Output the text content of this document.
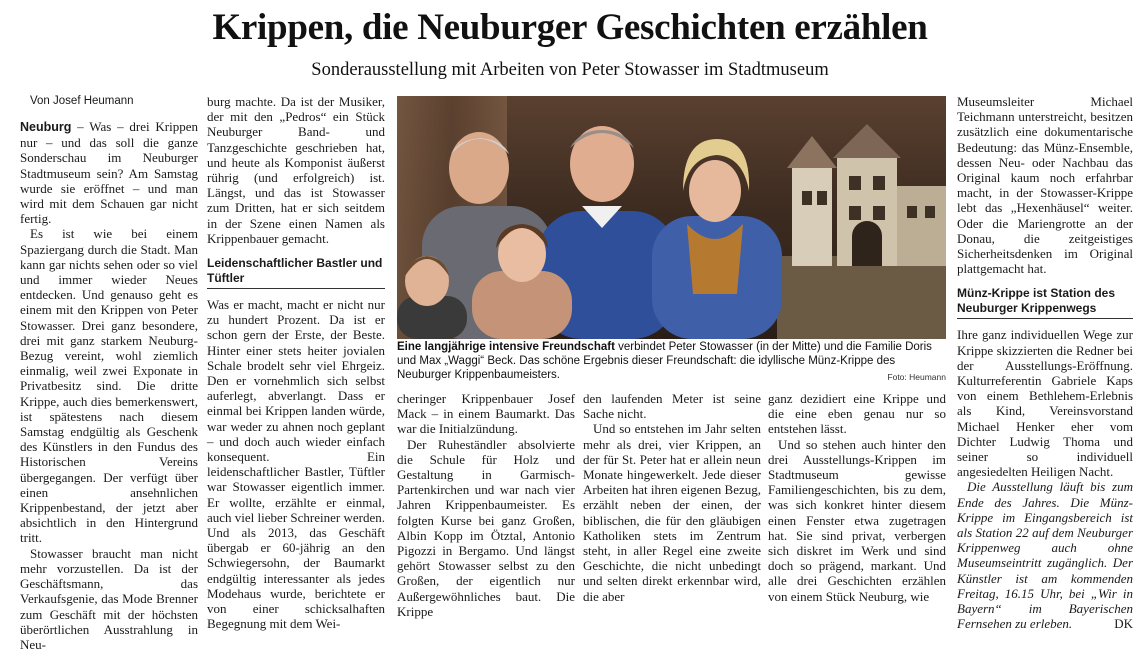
Krippen, die Neuburger Geschichten erzählen
Sonderausstellung mit Arbeiten von Peter Stowasser im Stadtmuseum

Von Josef Heumann

Neuburg – Was – drei Krippen nur – und das soll die ganze Sonderschau im Neuburger Stadtmuseum sein? Am Samstag wurde sie eröffnet – und man wird mit dem Schauen gar nicht fertig.

Es ist wie bei einem Spaziergang durch die Stadt. Man kann gar nichts sehen oder so viel und immer wieder Neues entdecken. Und genauso geht es einem mit den Krippen von Peter Stowasser. Drei ganz besondere, drei mit ganz starkem Neuburg-Bezug vereint, wohl ziemlich einmalig, weil zwei Exponate in Privatbesitz sind. Die dritte Krippe, auch dies bemerkenswert, ist spätestens nach diesem Samstag endgültig als Geschenk des Künstlers in den Fundus des Historischen Vereins übergegangen. Der verfügt über einen ansehnlichen Krippenbestand, der jetzt aber absichtlich in den Hintergrund tritt.

Stowasser braucht man nicht mehr vorzustellen. Da ist der Geschäftsmann, das Verkaufsgenie, das Mode Brenner zum Geschäft mit der höchsten überörtlichen Ausstrahlung in Neu-

burg machte. Da ist der Musiker, der mit den „Pedros“ ein Stück Neuburger Band- und Tanzgeschichte geschrieben hat, und heute als Komponist äußerst rührig (und erfolgreich) ist. Längst, und das ist Stowasser zum Dritten, hat er sich seitdem in der Szene einen Namen als Krippenbauer gemacht.

Leidenschaftlicher Bastler und Tüftler

Was er macht, macht er nicht nur zu hundert Prozent. Da ist er schon gern der Erste, der Beste. Hinter einer stets heiter jovialen Schale brodelt sehr viel Ehrgeiz. Den er vornehmlich sich selbst auferlegt, abverlangt. Dass er einmal bei Krippen landen würde, war weder zu ahnen noch geplant – und doch auch wieder einfach konsequent. Ein leidenschaftlicher Bastler, Tüftler war Stowasser eigentlich immer. Er wollte, erzählte er einmal, auch viel lieber Schreiner werden. Und als 2013, das Geschäft übergab er 60-jährig an den Schwiegersohn, der Baumarkt endgültig interessanter als jedes Modehaus wurde, berichtete er von einer schicksalhaften Begegnung mit dem Wei-

Eine langjährige intensive Freundschaft verbindet Peter Stowasser (in der Mitte) und die Familie Doris und Max „Waggi“ Beck. Das schöne Ergebnis dieser Freundschaft: die idyllische Münz-Krippe des Neuburger Krippenbaumeisters.	Foto: Heumann

cheringer Krippenbauer Josef Mack – in einem Baumarkt. Das war die Initialzündung.

Der Ruheständler absolvierte die Schule für Holz und Gestaltung in Garmisch-Partenkirchen und war nach vier Jahren Krippenbaumeister. Es folgten Kurse bei ganz Großen, Albin Kopp im Ötztal, Antonio Pigozzi in Bergamo. Und längst gehört Stowasser selbst zu den Großen, der eigentlich nur Außergewöhnliches baut. Die Krippe

den laufenden Meter ist seine Sache nicht.

Und so entstehen im Jahr selten mehr als drei, vier Krippen, an der für St. Peter hat er allein neun Monate hingewerkelt. Jede dieser Arbeiten hat ihren eigenen Bezug, erzählt neben der einen, der biblischen, die für den gläubigen Katholiken stets im Zentrum steht, in aller Regel eine zweite Geschichte, die nicht unbedingt und selten direkt erkennbar wird, die aber

ganz dezidiert eine Krippe und die eine eben genau nur so entstehen lässt.

Und so stehen auch hinter den drei Ausstellungs-Krippen im Stadtmuseum gewisse Familiengeschichten, bis zu dem, was sich konkret hinter diesem einen Fenster etwa zugetragen hat. Sie sind privat, verbergen sich diskret im Werk und sind doch so prägend, markant. Und alle drei Geschichten erzählen von einem Stück Neuburg, wie

Museumsleiter Michael Teichmann unterstreicht, besitzen zusätzlich eine dokumentarische Bedeutung: das Münz-Ensemble, dessen Neu- oder Nachbau das Original kaum noch erfahrbar macht, in der Stowasser-Krippe lebt das „Hexenhäusel“ weiter. Oder die Mariengrotte an der Donau, die zeitgeistiges Sicherheitsdenken im Original plattgemacht hat.

Münz-Krippe ist Station des Neuburger Krippenwegs

Ihre ganz individuellen Wege zur Krippe skizzierten die Redner bei der Ausstellungs-Eröffnung. Kulturreferentin Gabriele Kaps von einem Bethlehem-Erlebnis als Kind, Vereinsvorstand Michael Henker eher vom Dichter Ludwig Thoma und seiner so individuell angesiedelten Heiligen Nacht.

Die Ausstellung läuft bis zum Ende des Jahres. Die Münz-Krippe im Eingangsbereich ist als Station 22 auf dem Neuburger Krippenweg auch ohne Museumseintritt zugänglich. Der Künstler ist am kommenden Freitag, 16.15 Uhr, bei „Wir in Bayern“ im Bayerischen Fernsehen zu erleben.	DK
